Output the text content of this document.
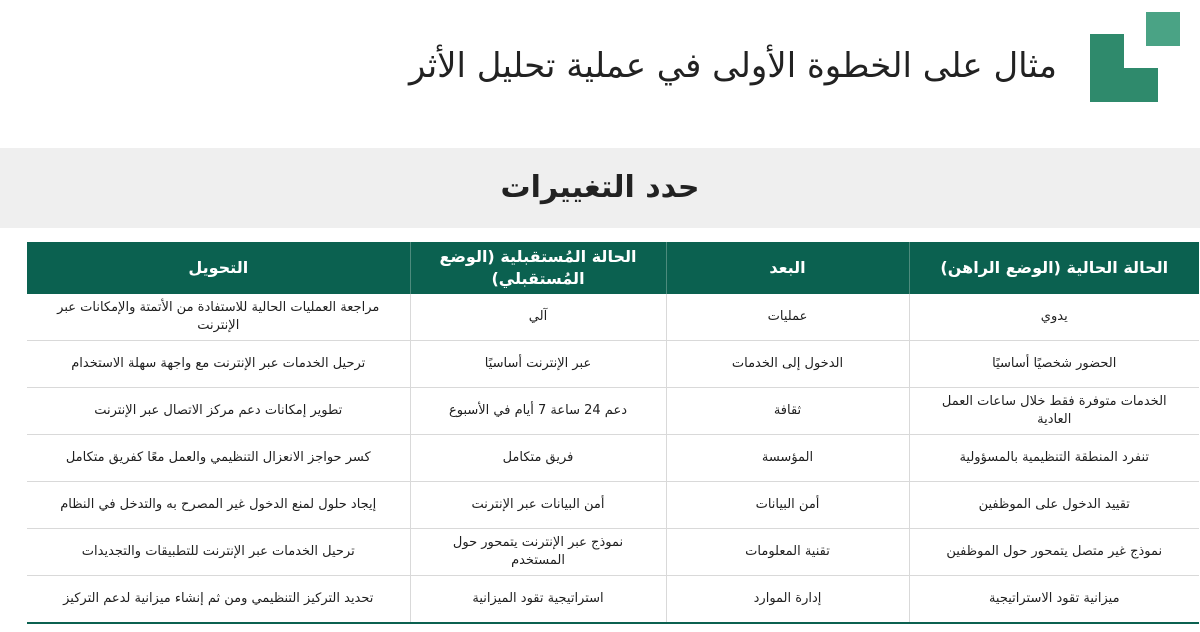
مثال على الخطوة الأولى في عملية تحليل الأثر
حدد التغييرات
الحالة الحالية (الوضع الراهن)	البعد	الحالة المُستقبلية (الوضع المُستقبلي)	التحويل
يدوي	عمليات	آلي	مراجعة العمليات الحالية للاستفادة من الأتمتة والإمكانات عبر الإنترنت
الحضور شخصيًا أساسيًا	الدخول إلى الخدمات	عبر الإنترنت أساسيًا	ترحيل الخدمات عبر الإنترنت مع واجهة سهلة الاستخدام
الخدمات متوفرة فقط خلال ساعات العمل العادية	ثقافة	دعم 24 ساعة 7 أيام في الأسبوع	تطوير إمكانات دعم مركز الاتصال عبر الإنترنت
تنفرد المنطقة التنظيمية بالمسؤولية	المؤسسة	فريق متكامل	كسر حواجز الانعزال التنظيمي والعمل معًا كفريق متكامل
تقييد الدخول على الموظفين	أمن البيانات	أمن البيانات عبر الإنترنت	إيجاد حلول لمنع الدخول غير المصرح به والتدخل في النظام
نموذج غير متصل يتمحور حول الموظفين	تقنية المعلومات	نموذج عبر الإنترنت يتمحور حول المستخدم	ترحيل الخدمات عبر الإنترنت للتطبيقات والتجديدات
ميزانية تقود الاستراتيجية	إدارة الموارد	استراتيجية تقود الميزانية	تحديد التركيز التنظيمي ومن ثم إنشاء ميزانية لدعم التركيز
